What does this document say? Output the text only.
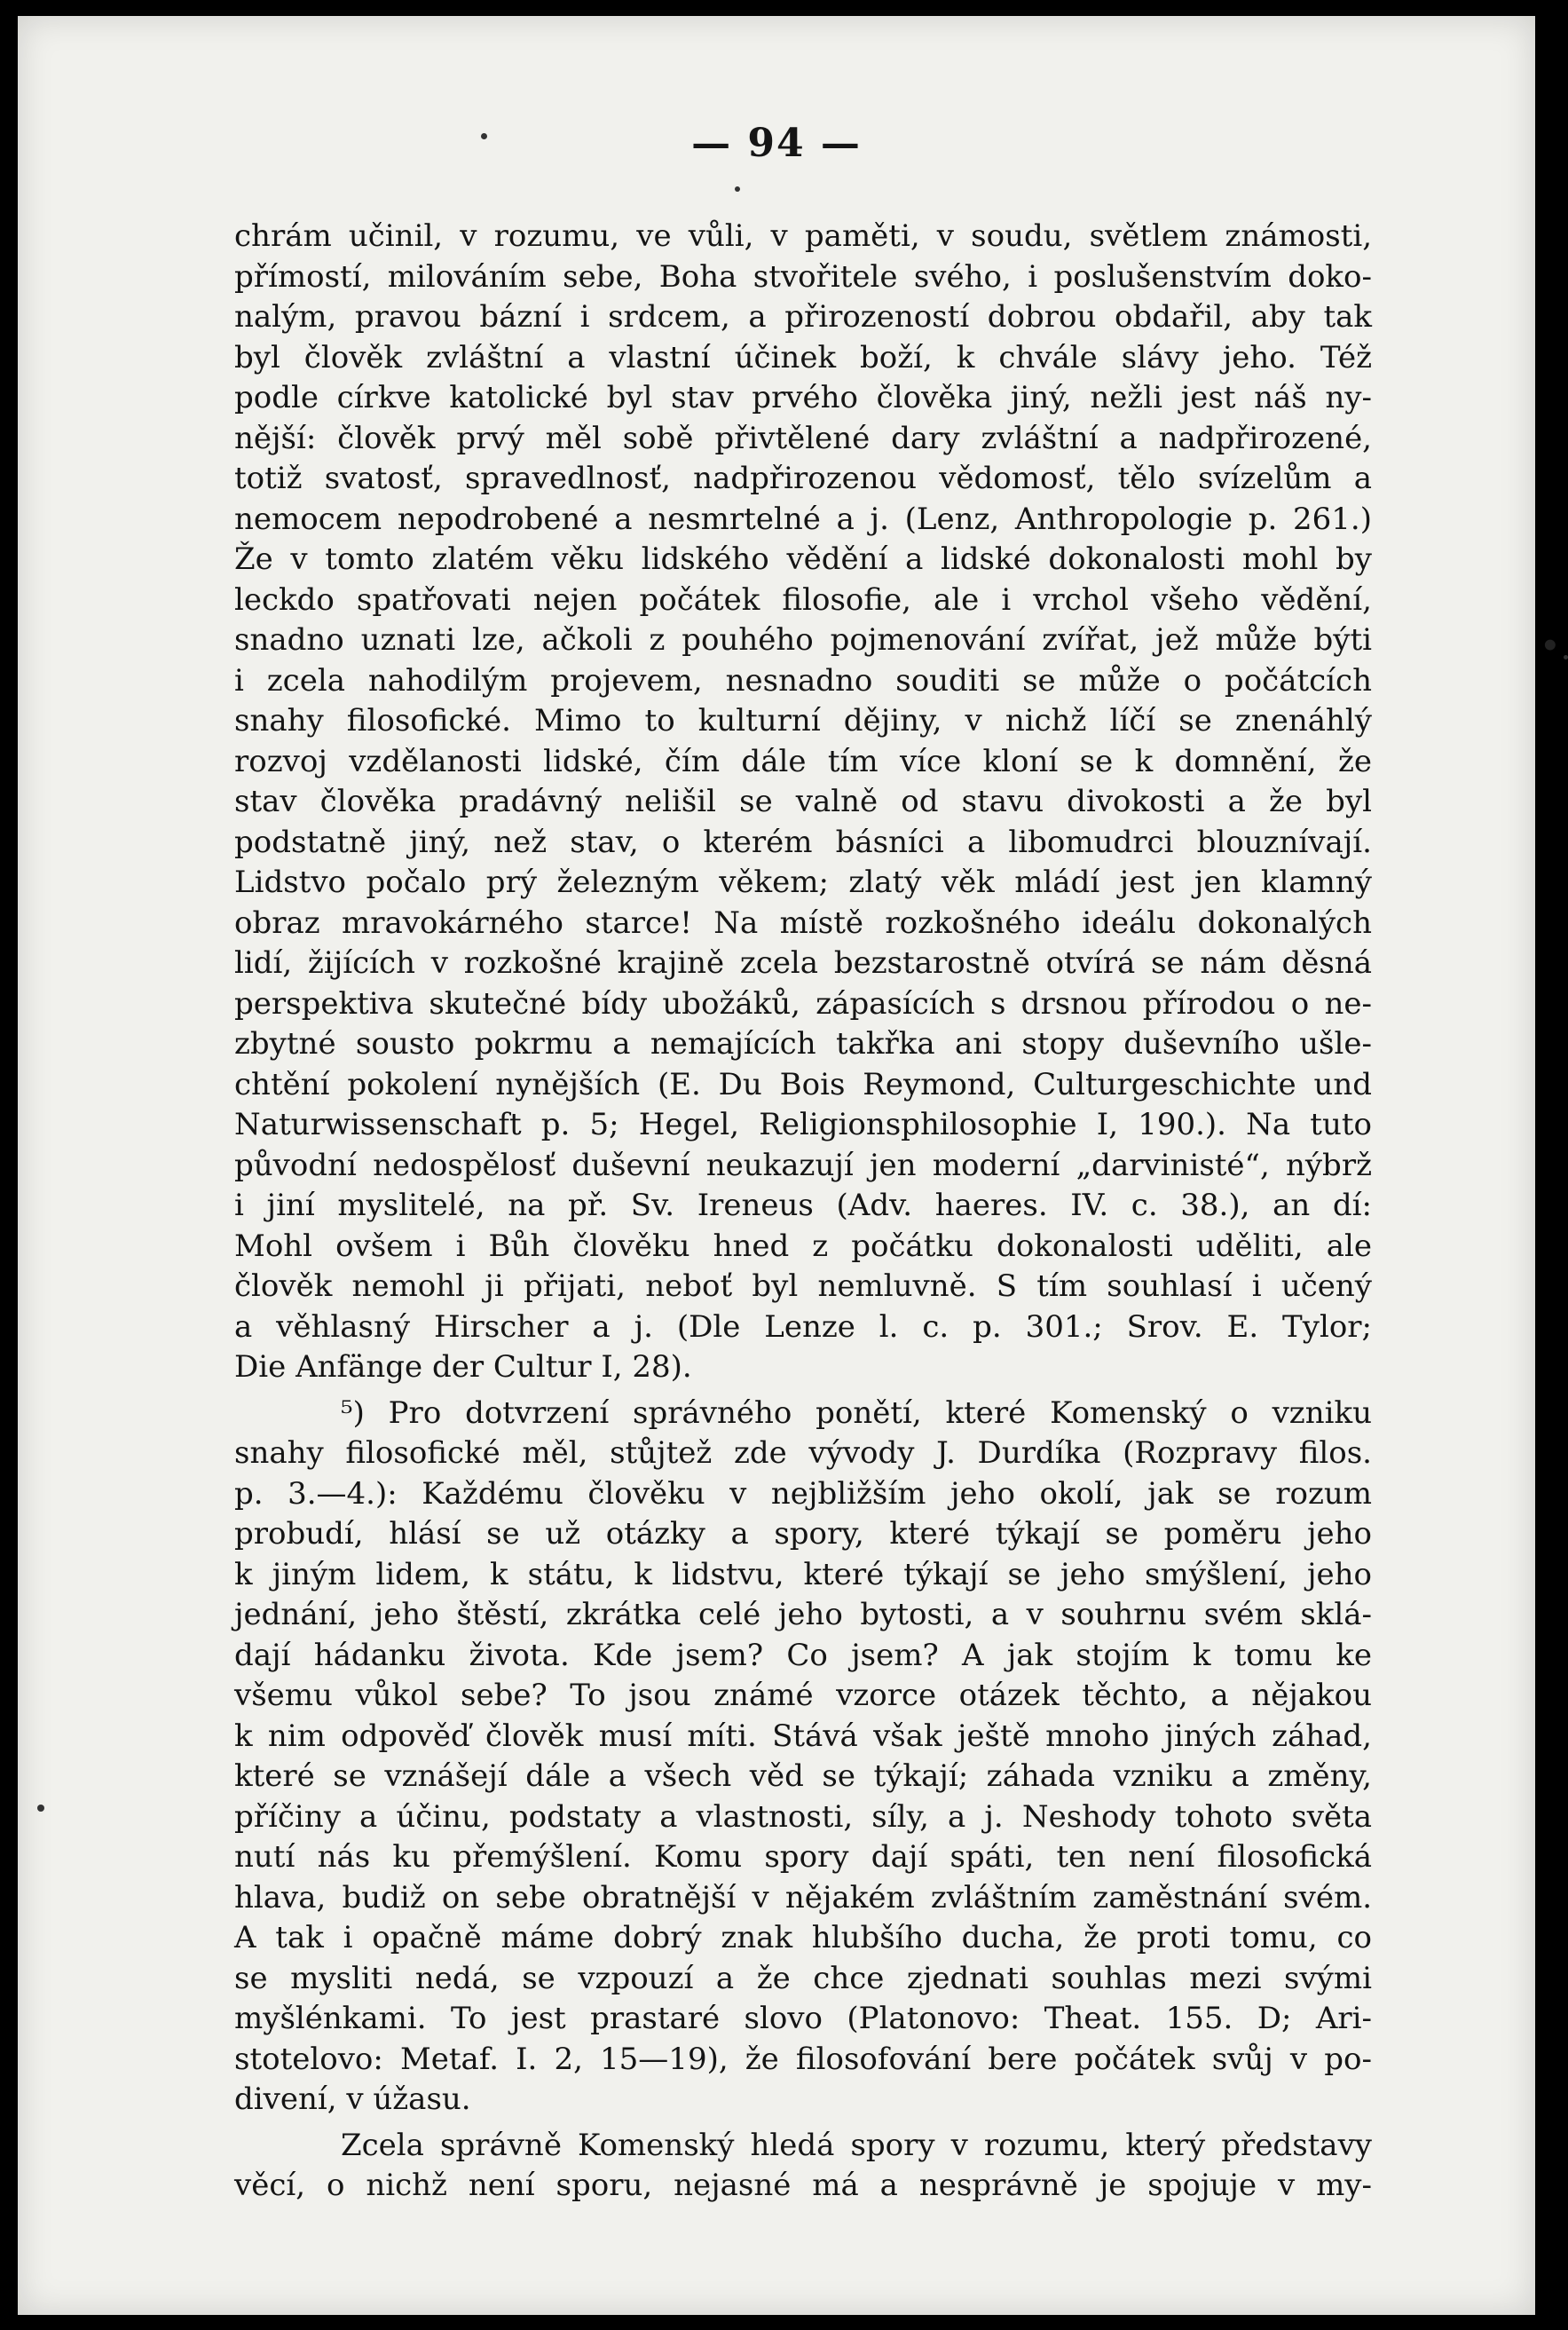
— 94 —
•
chrám učinil, v rozumu, ve vůli, v paměti, v soudu, světlem známosti,
přímostí, milováním sebe, Boha stvořitele svého, i poslušenstvím doko-
nalým, pravou bázní i srdcem, a přirozeností dobrou obdařil, aby tak
byl člověk zvláštní a vlastní účinek boží, k chvále slávy jeho. Též
podle církve katolické byl stav prvého člověka jiný, nežli jest náš ny-
nější: člověk prvý měl sobě přivtělené dary zvláštní a nadpřirozené,
totiž svatosť, spravedlnosť, nadpřirozenou vědomosť, tělo svízelům a
nemocem nepodrobené a nesmrtelné a j. (Lenz, Anthropologie p. 261.)
Že v tomto zlatém věku lidského vědění a lidské dokonalosti mohl by
leckdo spatřovati nejen počátek filosofie, ale i vrchol všeho vědění,
snadno uznati lze, ačkoli z pouhého pojmenování zvířat, jež může býti
i zcela nahodilým projevem, nesnadno souditi se může o počátcích
snahy filosofické. Mimo to kulturní dějiny, v nichž líčí se znenáhlý
rozvoj vzdělanosti lidské, čím dále tím více kloní se k domnění, že
stav člověka pradávný nelišil se valně od stavu divokosti a že byl
podstatně jiný, než stav, o kterém básníci a libomudrci blouznívají.
Lidstvo počalo prý železným věkem; zlatý věk mládí jest jen klamný
obraz mravokárného starce! Na místě rozkošného ideálu dokonalých
lidí, žijících v rozkošné krajině zcela bezstarostně otvírá se nám děsná
perspektiva skutečné bídy ubožáků, zápasících s drsnou přírodou o ne-
zbytné sousto pokrmu a nemajících takřka ani stopy duševního ušle-
chtění pokolení nynějších (E. Du Bois Reymond, Culturgeschichte und
Naturwissenschaft p. 5; Hegel, Religionsphilosophie I, 190.). Na tuto
původní nedospělosť duševní neukazují jen moderní „darvinisté“, nýbrž
i jiní myslitelé, na př. Sv. Ireneus (Adv. haeres. IV. c. 38.), an dí:
Mohl ovšem i Bůh člověku hned z počátku dokonalosti uděliti, ale
člověk nemohl ji přijati, neboť byl nemluvně. S tím souhlasí i učený
a věhlasný Hirscher a j. (Dle Lenze l. c. p. 301.; Srov. E. Tylor;
Die Anfänge der Cultur I, 28).
⁵) Pro dotvrzení správného ponětí, které Komenský o vzniku
snahy filosofické měl, stůjtež zde vývody J. Durdíka (Rozpravy filos.
p. 3.—4.): Každému člověku v nejbližším jeho okolí, jak se rozum
probudí, hlásí se už otázky a spory, které týkají se poměru jeho
k jiným lidem, k státu, k lidstvu, které týkají se jeho smýšlení, jeho
jednání, jeho štěstí, zkrátka celé jeho bytosti, a v souhrnu svém sklá-
dají hádanku života. Kde jsem? Co jsem? A jak stojím k tomu ke
všemu vůkol sebe? To jsou známé vzorce otázek těchto, a nějakou
k nim odpověď člověk musí míti. Stává však ještě mnoho jiných záhad,
které se vznášejí dále a všech věd se týkají; záhada vzniku a změny,
příčiny a účinu, podstaty a vlastnosti, síly, a j. Neshody tohoto světa
nutí nás ku přemýšlení. Komu spory dají spáti, ten není filosofická
hlava, budiž on sebe obratnější v nějakém zvláštním zaměstnání svém.
A tak i opačně máme dobrý znak hlubšího ducha, že proti tomu, co
se mysliti nedá, se vzpouzí a že chce zjednati souhlas mezi svými
myšlénkami. To jest prastaré slovo (Platonovo: Theat. 155. D; Ari-
stotelovo: Metaf. I. 2, 15—19), že filosofování bere počátek svůj v po-
divení, v úžasu.
Zcela správně Komenský hledá spory v rozumu, který představy
věcí, o nichž není sporu, nejasné má a nesprávně je spojuje v my-
